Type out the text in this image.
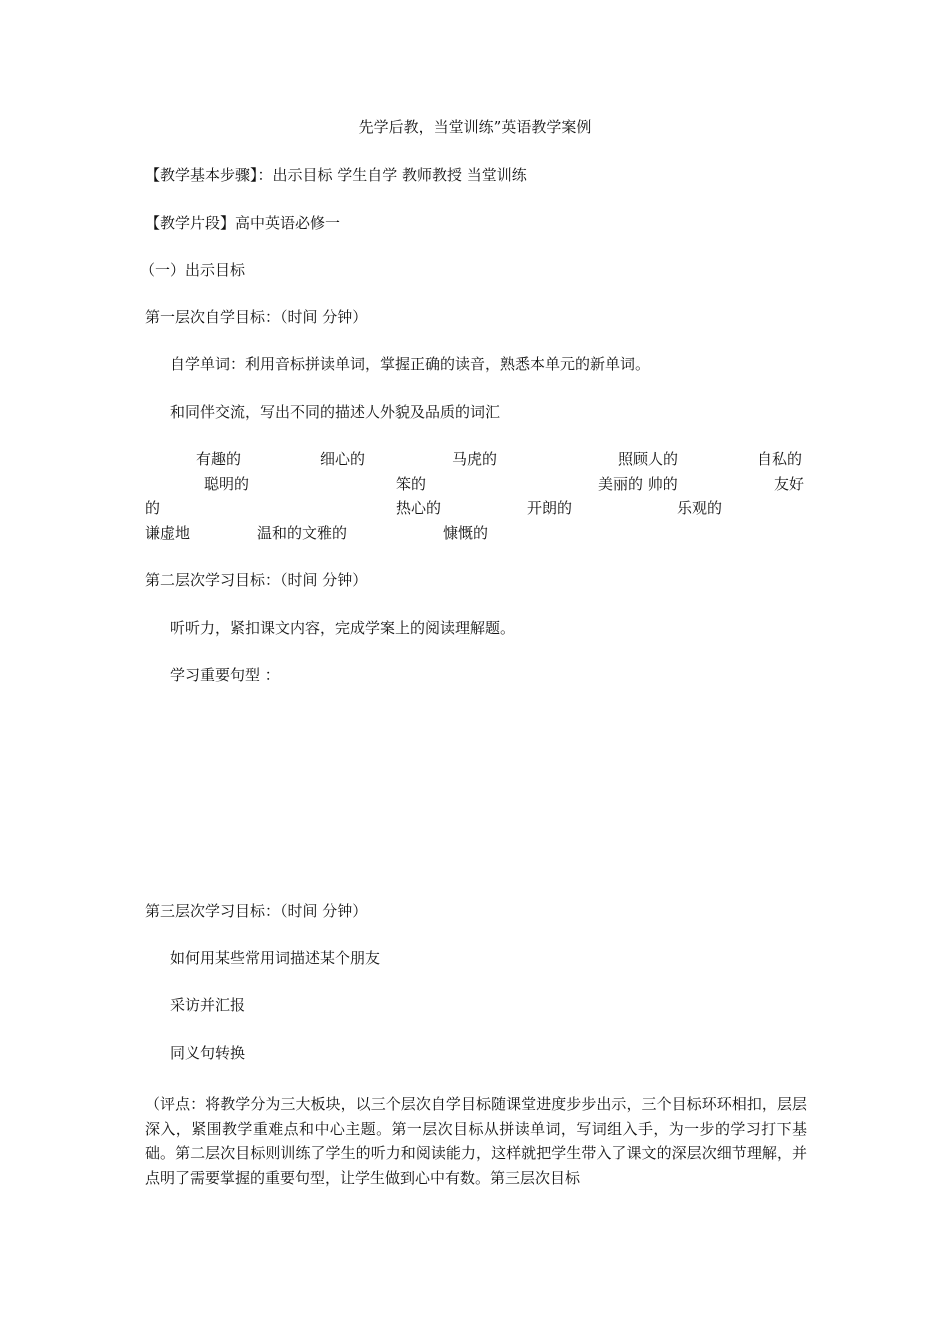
先学后教，当堂训练”英语教学案例
【教学基本步骤】：出示目标 学生自学 教师教授 当堂训练
【教学片段】高中英语必修一
（一）出示目标
第一层次自学目标：（时间 分钟）
自学单词：利用音标拼读单词，掌握正确的读音，熟悉本单元的新单词。
和同伴交流，写出不同的描述人外貌及品质的词汇
有趣的	细心的	马虎的	照顾人的	自私的
聪明的	笨的	美丽的 帅的	友好
的	热心的	开朗的	乐观的
谦虚地	温和的文雅的	慷慨的
第二层次学习目标：（时间 分钟）
听听力，紧扣课文内容，完成学案上的阅读理解题。
学习重要句型 ：
第三层次学习目标：（时间 分钟）
如何用某些常用词描述某个朋友
采访并汇报
同义句转换

（评点：将教学分为三大板块，以三个层次自学目标随课堂进度步步出示，三个目标环环相扣，层层深入，紧围教学重难点和中心主题。第一层次目标从拼读单词，写词组入手，为一步的学习打下基础。第二层次目标则训练了学生的听力和阅读能力，这样就把学生带入了课文的深层次细节理解，并点明了需要掌握的重要句型，让学生做到心中有数。第三层次目标
